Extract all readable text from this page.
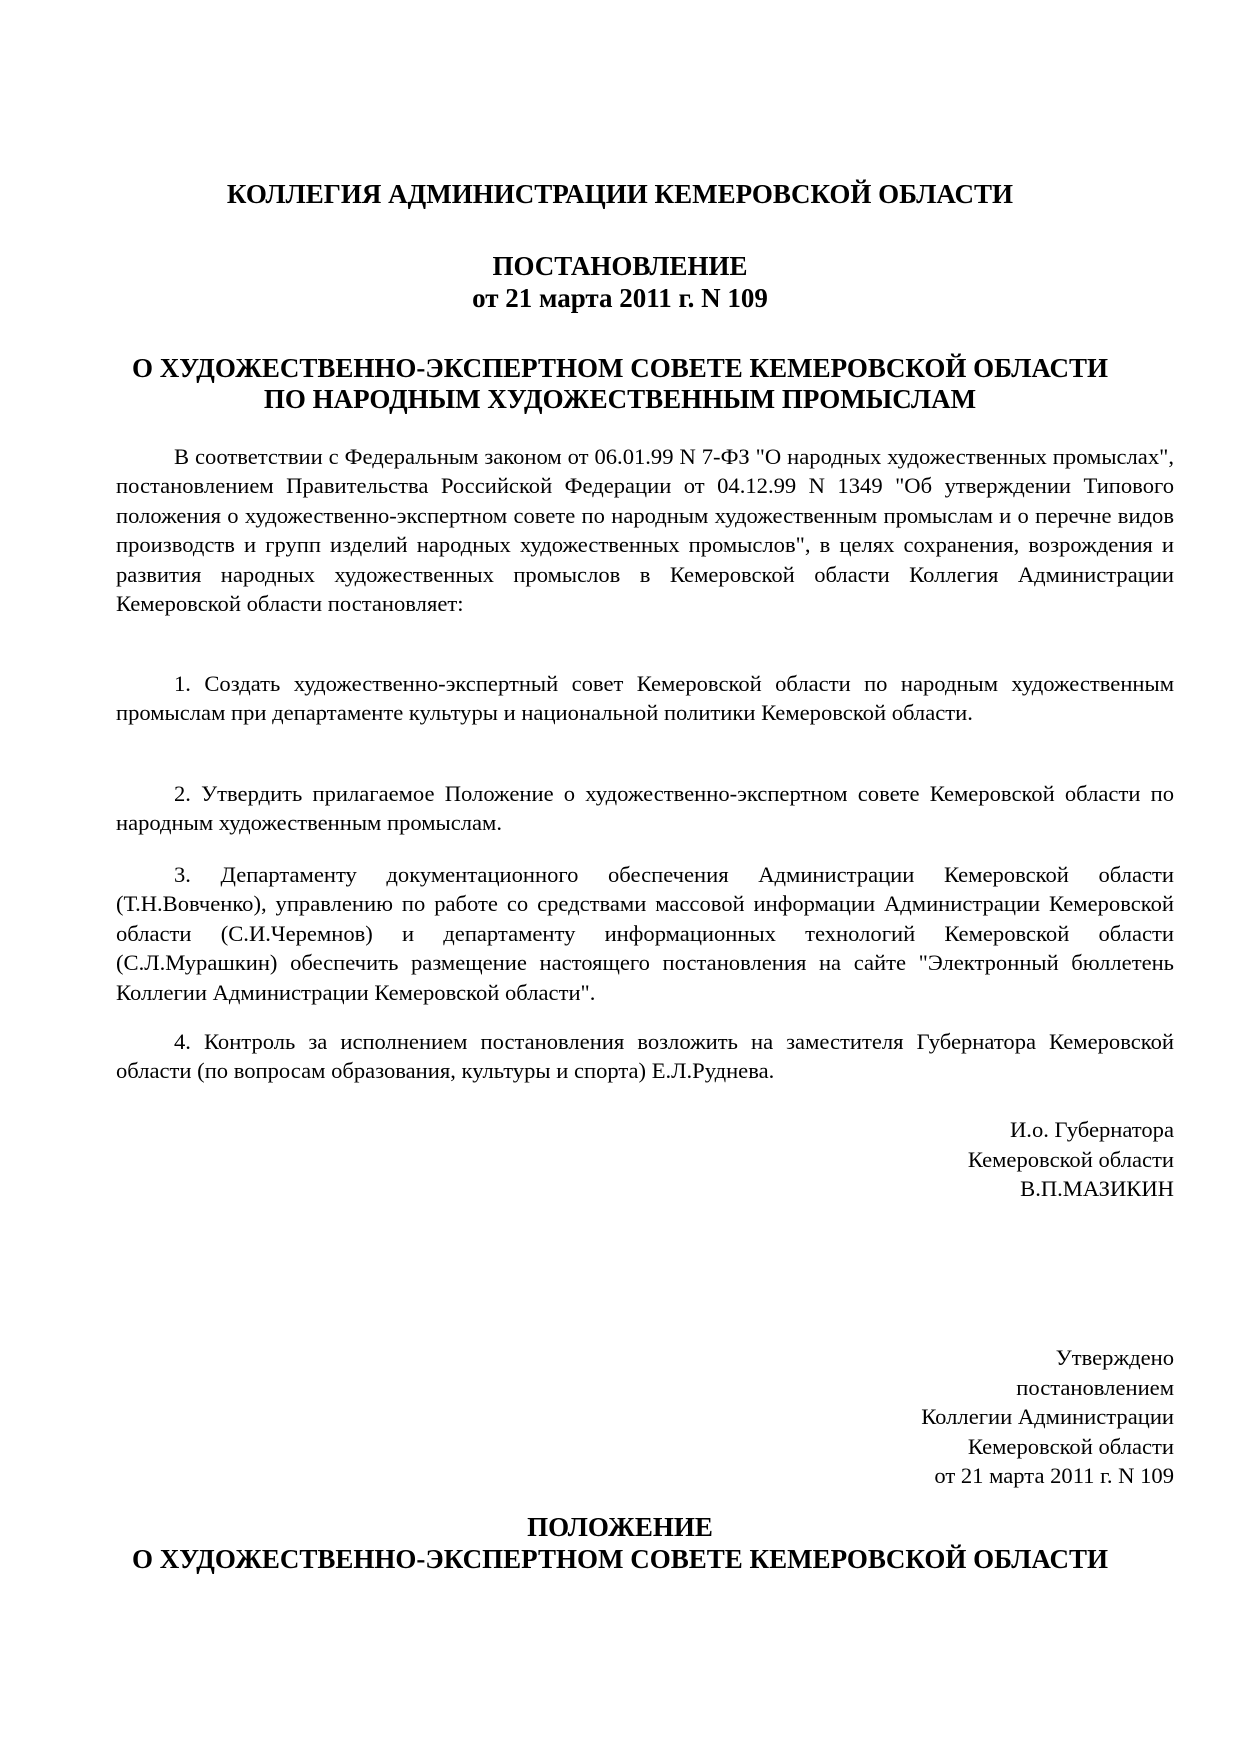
КОЛЛЕГИЯ АДМИНИСТРАЦИИ КЕМЕРОВСКОЙ ОБЛАСТИ
ПОСТАНОВЛЕНИЕ
от 21 марта 2011 г. N 109
О ХУДОЖЕСТВЕННО-ЭКСПЕРТНОМ СОВЕТЕ КЕМЕРОВСКОЙ ОБЛАСТИ
ПО НАРОДНЫМ ХУДОЖЕСТВЕННЫМ ПРОМЫСЛАМ

В соответствии с Федеральным законом от 06.01.99 N 7-ФЗ "О народных художественных промыслах", постановлением Правительства Российской Федерации от 04.12.99 N 1349 "Об утверждении Типового положения о художественно-экспертном совете по народным художественным промыслам и о перечне видов производств и групп изделий народных художественных промыслов", в целях сохранения, возрождения и развития народных художественных промыслов в Кемеровской области Коллегия Администрации Кемеровской области постановляет:

1. Создать художественно-экспертный совет Кемеровской области по народным художественным промыслам при департаменте культуры и национальной политики Кемеровской области.

2. Утвердить прилагаемое Положение о художественно-экспертном совете Кемеровской области по народным художественным промыслам.

3. Департаменту документационного обеспечения Администрации Кемеровской области (Т.Н.Вовченко), управлению по работе со средствами массовой информации Администрации Кемеровской области (С.И.Черемнов) и департаменту информационных технологий Кемеровской области (С.Л.Мурашкин) обеспечить размещение настоящего постановления на сайте "Электронный бюллетень Коллегии Администрации Кемеровской области".

4. Контроль за исполнением постановления возложить на заместителя Губернатора Кемеровской области (по вопросам образования, культуры и спорта) Е.Л.Руднева.

И.о. Губернатора
Кемеровской области
В.П.МАЗИКИН
Утверждено
постановлением
Коллегии Администрации
Кемеровской области
от 21 марта 2011 г. N 109
ПОЛОЖЕНИЕ
О ХУДОЖЕСТВЕННО-ЭКСПЕРТНОМ СОВЕТЕ КЕМЕРОВСКОЙ ОБЛАСТИ
